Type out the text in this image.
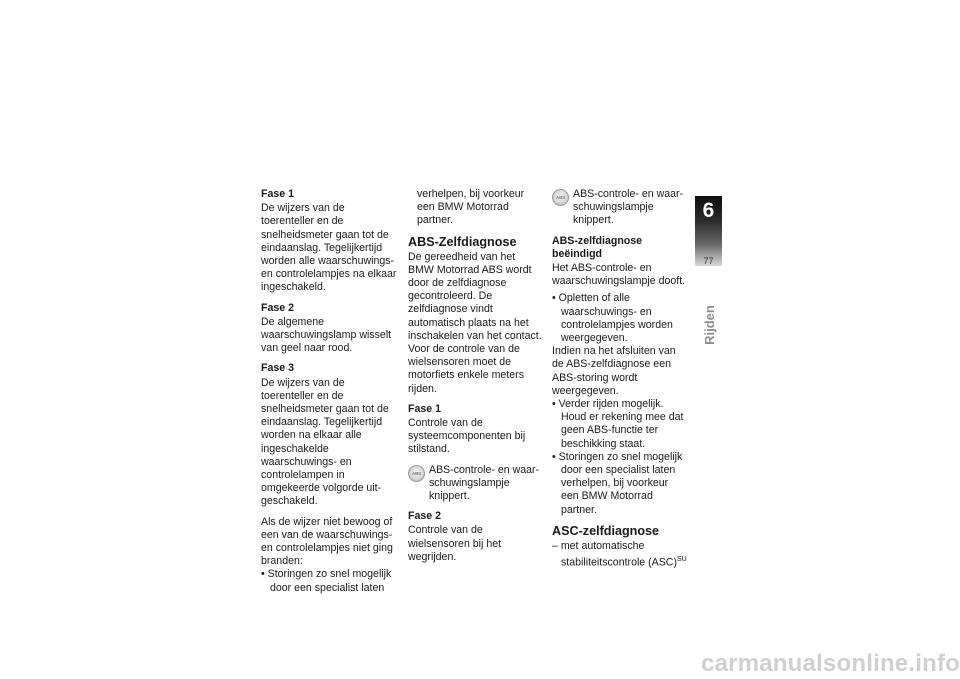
Fase 1
De wijzers van de toerenteller en de snelheidsmeter gaan tot de eindaanslag. Tegelijkertijd worden alle waarschuwings- en controlelampjes na elkaar ingeschakeld.
Fase 2
De algemene waarschuwingslamp wisselt van geel naar rood.
Fase 3
De wijzers van de toerenteller en de snelheidsmeter gaan tot de eindaanslag. Tegelijkertijd worden na elkaar alle ingeschakelde waarschuwings- en controlelampen in omgekeerde volgorde uitgeschakeld.
Als de wijzer niet bewoog of een van de waarschuwings- en controlelampjes niet ging branden:
• Storingen zo snel mogelijk door een specialist laten
verhelpen, bij voorkeur een BMW Motorrad partner.
ABS-Zelfdiagnose
De gereedheid van het BMW Motorrad ABS wordt door de zelfdiagnose gecontroleerd. De zelfdiagnose vindt automatisch plaats na het inschakelen van het contact. Voor de controle van de wielsensoren moet de motorfiets enkele meters rijden.
Fase 1
Controle van de systeemcomponenten bij stilstand.
ABS ABS-controle- en waarschuwingslampje knippert.
Fase 2
Controle van de wielsensoren bij het wegrijden.
ABS ABS-controle- en waarschuwingslampje knippert.
ABS-zelfdiagnose beëindigd
Het ABS-controle- en waarschuwingslampje dooft.
• Opletten of alle waarschuwings- en controlelampjes worden weergegeven.
Indien na het afsluiten van de ABS-zelfdiagnose een ABS-storing wordt weergegeven.
• Verder rijden mogelijk. Houd er rekening mee dat geen ABS-functie ter beschikking staat.
• Storingen zo snel mogelijk door een specialist laten verhelpen, bij voorkeur een BMW Motorrad partner.
ASC-zelfdiagnose
– met automatische stabiliteitscontrole (ASC)$^{SU}$
6
77
Rijden
carmanualsonline.info
